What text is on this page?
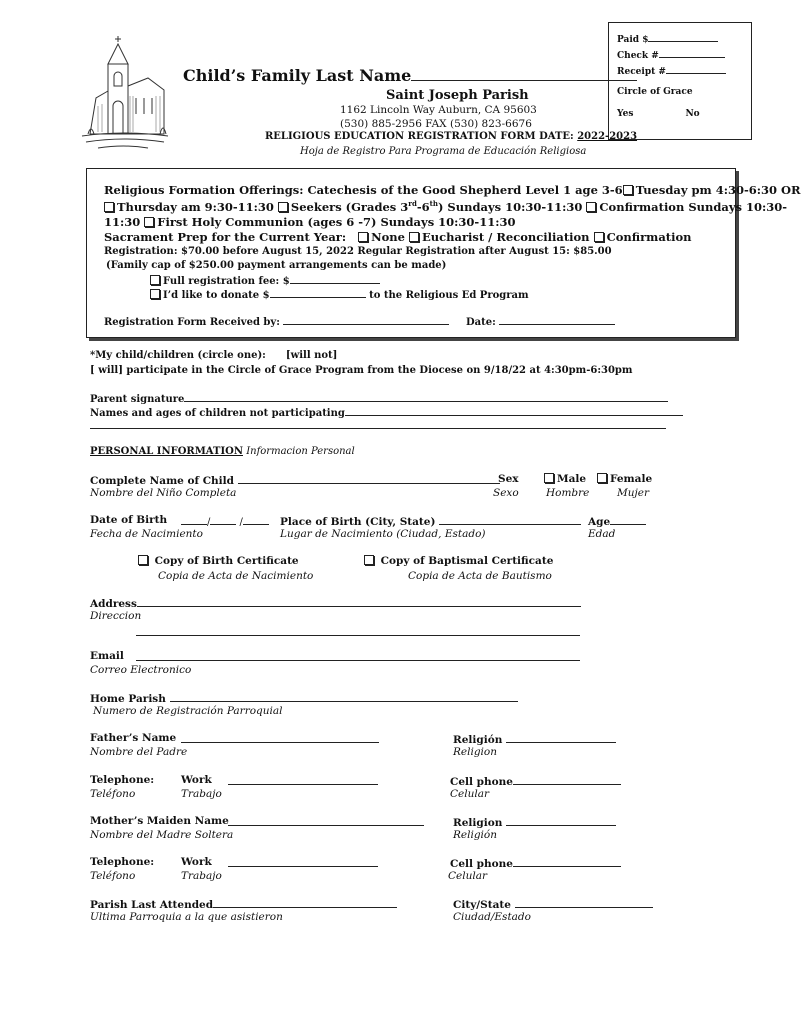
Paid $
Check #
Receipt #
Circle of Grace
Yes	No
Child’s Family Last Name
Saint Joseph Parish
1162 Lincoln Way Auburn, CA 95603
(530) 885-2956 FAX (530) 823-6676
RELIGIOUS EDUCATION REGISTRATION FORM DATE: 2022-2023
Hoja de Registro Para Programa de Educación Religiosa
Religious Formation Offerings: Catechesis of the Good Shepherd Level 1 age 3-6 Tuesday pm 4:30-6:30 OR
Thursday am 9:30-11:30 Seekers (Grades 3rd-6th) Sundays 10:30-11:30 Confirmation Sundays 10:30-
11:30 First Holy Communion (ages 6 -7) Sundays 10:30-11:30
Sacrament Prep for the Current Year: None Eucharist / Reconciliation Confirmation
Registration: $70.00 before August 15, 2022 Regular Registration after August 15: $85.00
(Family cap of $250.00 payment arrangements can be made)
Full registration fee: $
I’d like to donate $	to the Religious Ed Program
Registration Form Received by:	Date:
*My child/children (circle one): [will not]
[ will] participate in the Circle of Grace Program from the Diocese on 9/18/22 at 4:30pm-6:30pm
Parent signature
Names and ages of children not participating
PERSONAL INFORMATION Informacion Personal
Complete Name of Child
Nombre del Niño Completa
Sex
Sexo
Male
Hombre
Female
Mujer
Date of Birth	/	/
Fecha de Nacimiento
Place of Birth (City, State)
Lugar de Nacimiento (Ciudad, Estado)
Age
Edad
Copy of Birth Certificate
Copia de Acta de Nacimiento
Copy of Baptismal Certificate
Copia de Acta de Bautismo
Address
Direccion
Email
Correo Electronico
Home Parish
Numero de Registración Parroquial
Father’s Name
Nombre del Padre
Religión
Religion
Telephone:
Teléfono
Work
Trabajo
Cell phone
Celular
Mother’s Maiden Name
Nombre del Madre Soltera
Religion
Religión
Telephone:
Teléfono
Work
Trabajo
Cell phone
Celular
Parish Last Attended
Ultima Parroquia a la que asistieron
City/State
Ciudad/Estado
